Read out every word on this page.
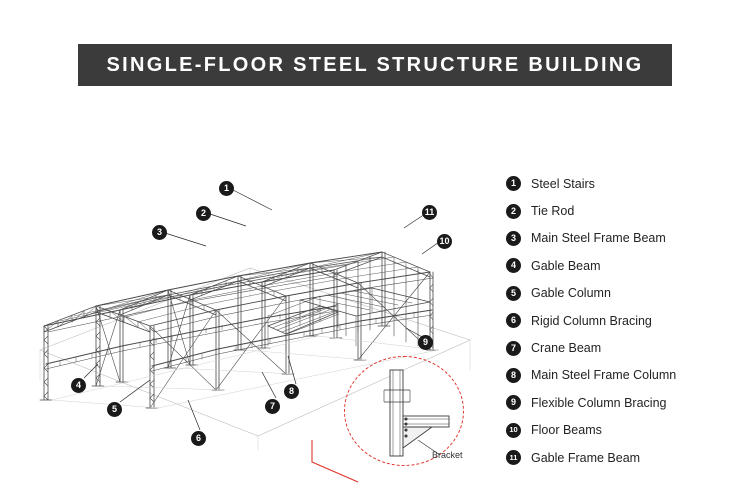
SINGLE-FLOOR STEEL STRUCTURE BUILDING
1
2
3
4
5
6
7
8
9
10
11
Bracket
1	Steel Stairs
2	Tie Rod
3	Main Steel Frame Beam
4	Gable Beam
5	Gable Column
6	Rigid Column Bracing
7	Crane Beam
8	Main Steel Frame Column
9	Flexible Column Bracing
10 Floor Beams
11 Gable Frame Beam
